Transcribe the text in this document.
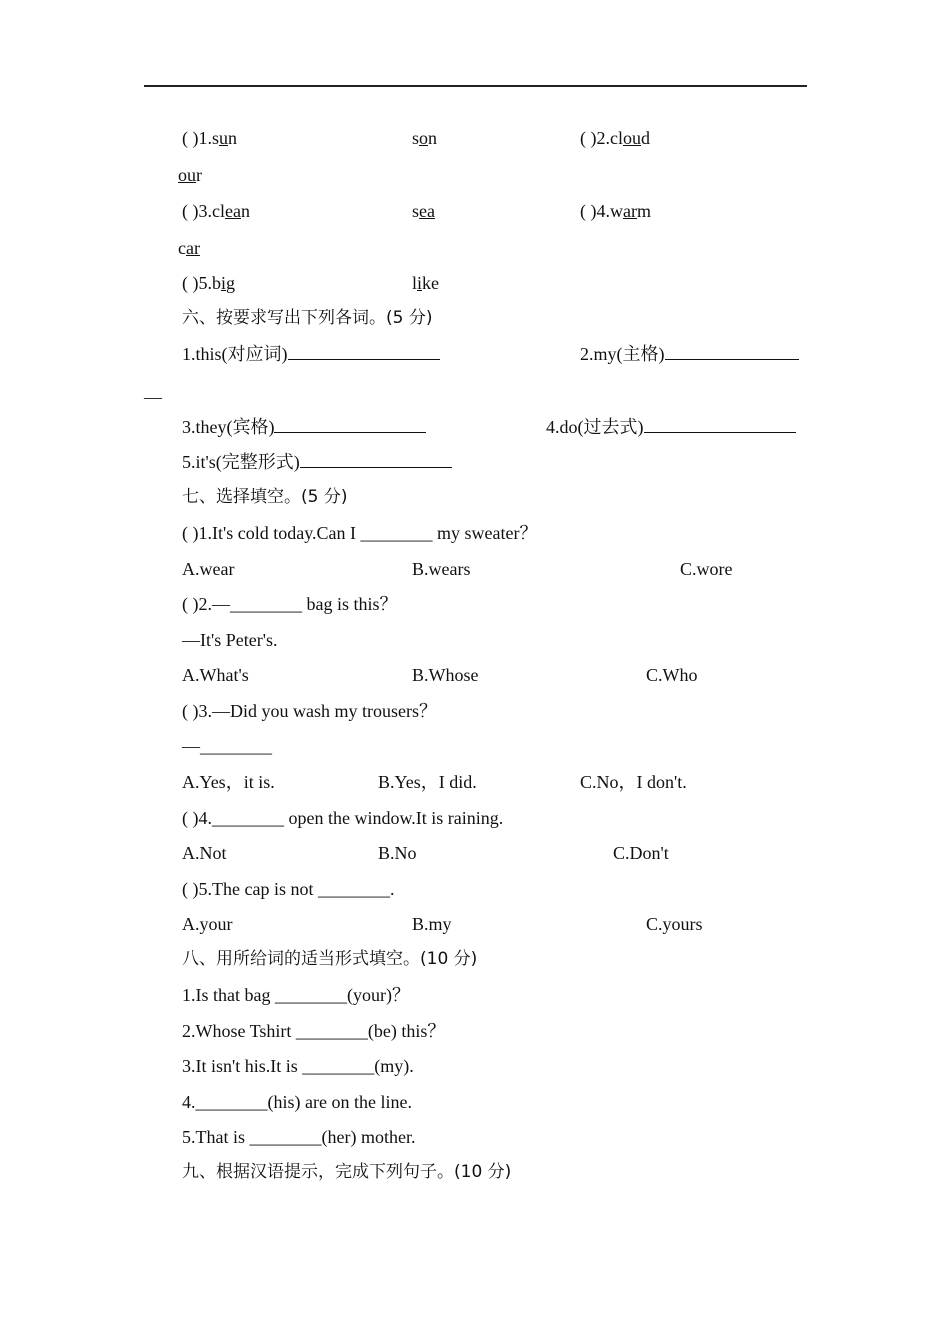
( )1.sun	son	( )2.cloud
our
( )3.clean	sea	( )4.warm
car
( )5.big	like
六、按要求写出下列各词。(5 分)
1.this(对应词)	2.my(主格)
—
3.they(宾格)	4.do(过去式)
5.it's(完整形式)
七、选择填空。(5 分)
( )1.It's cold today.Can I ________ my sweater？
A.wear	B.wears	C.wore
( )2.—________ bag is this？
—It's Peter's.
A.What's	B.Whose	C.Who
( )3.—Did you wash my trousers？
—________
A.Yes，it is.	B.Yes，I did.	C.No，I don't.
( )4.________ open the window.It is raining.
A.Not	B.No	C.Don't
( )5.The cap is not ________.
A.your	B.my	C.yours
八、用所给词的适当形式填空。(10 分)
1.Is that bag ________(your)？
2.Whose Tshirt ________(be) this？
3.It isn't his.It is ________(my).
4.________(his) are on the line.
5.That is ________(her) mother.
九、根据汉语提示，完成下列句子。(10 分)
